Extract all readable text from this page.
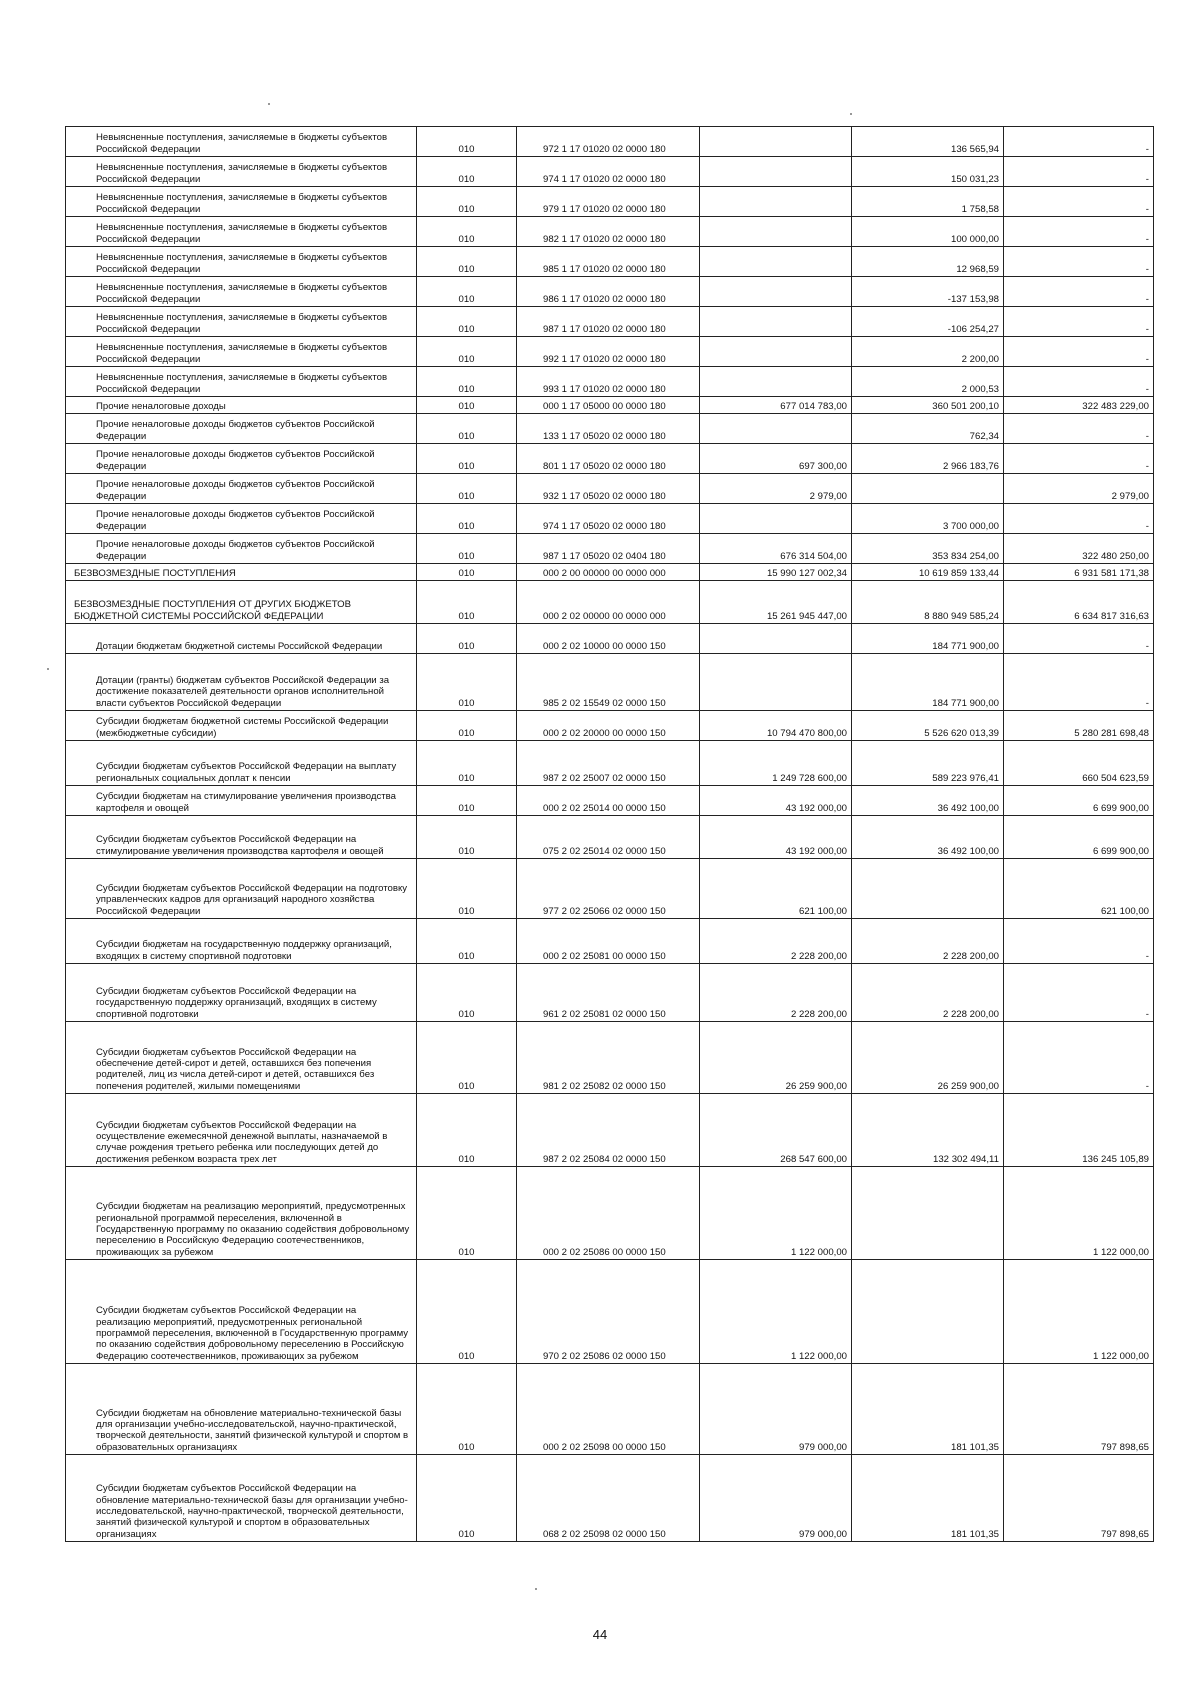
Невыясненные поступления, зачисляемые в бюджеты субъектов Российской Федерации	010	972 1 17 01020 02 0000 180		136 565,94	-
Невыясненные поступления, зачисляемые в бюджеты субъектов Российской Федерации	010	974 1 17 01020 02 0000 180		150 031,23	-
Невыясненные поступления, зачисляемые в бюджеты субъектов Российской Федерации	010	979 1 17 01020 02 0000 180		1 758,58	-
Невыясненные поступления, зачисляемые в бюджеты субъектов Российской Федерации	010	982 1 17 01020 02 0000 180		100 000,00	-
Невыясненные поступления, зачисляемые в бюджеты субъектов Российской Федерации	010	985 1 17 01020 02 0000 180		12 968,59	-
Невыясненные поступления, зачисляемые в бюджеты субъектов Российской Федерации	010	986 1 17 01020 02 0000 180		-137 153,98	-
Невыясненные поступления, зачисляемые в бюджеты субъектов Российской Федерации	010	987 1 17 01020 02 0000 180		-106 254,27	-
Невыясненные поступления, зачисляемые в бюджеты субъектов Российской Федерации	010	992 1 17 01020 02 0000 180		2 200,00	-
Невыясненные поступления, зачисляемые в бюджеты субъектов Российской Федерации	010	993 1 17 01020 02 0000 180		2 000,53	-
Прочие неналоговые доходы	010	000 1 17 05000 00 0000 180	677 014 783,00	360 501 200,10	322 483 229,00
Прочие неналоговые доходы бюджетов субъектов Российской Федерации	010	133 1 17 05020 02 0000 180		762,34	-
Прочие неналоговые доходы бюджетов субъектов Российской Федерации	010	801 1 17 05020 02 0000 180	697 300,00	2 966 183,76	-
Прочие неналоговые доходы бюджетов субъектов Российской Федерации	010	932 1 17 05020 02 0000 180	2 979,00		2 979,00
Прочие неналоговые доходы бюджетов субъектов Российской Федерации	010	974 1 17 05020 02 0000 180		3 700 000,00	-
Прочие неналоговые доходы бюджетов субъектов Российской Федерации	010	987 1 17 05020 02 0404 180	676 314 504,00	353 834 254,00	322 480 250,00
БЕЗВОЗМЕЗДНЫЕ ПОСТУПЛЕНИЯ	010	000 2 00 00000 00 0000 000	15 990 127 002,34	10 619 859 133,44	6 931 581 171,38
БЕЗВОЗМЕЗДНЫЕ ПОСТУПЛЕНИЯ ОТ ДРУГИХ БЮДЖЕТОВ БЮДЖЕТНОЙ СИСТЕМЫ РОССИЙСКОЙ ФЕДЕРАЦИИ	010	000 2 02 00000 00 0000 000	15 261 945 447,00	8 880 949 585,24	6 634 817 316,63
Дотации бюджетам бюджетной системы Российской Федерации	010	000 2 02 10000 00 0000 150		184 771 900,00	-
Дотации (гранты) бюджетам субъектов Российской Федерации за достижение показателей деятельности органов исполнительной власти субъектов Российской Федерации	010	985 2 02 15549 02 0000 150		184 771 900,00	-
Субсидии бюджетам бюджетной системы Российской Федерации (межбюджетные субсидии)	010	000 2 02 20000 00 0000 150	10 794 470 800,00	5 526 620 013,39	5 280 281 698,48
Субсидии бюджетам субъектов Российской Федерации на выплату региональных социальных доплат к пенсии	010	987 2 02 25007 02 0000 150	1 249 728 600,00	589 223 976,41	660 504 623,59
Субсидии бюджетам на стимулирование увеличения производства картофеля и овощей	010	000 2 02 25014 00 0000 150	43 192 000,00	36 492 100,00	6 699 900,00
Субсидии бюджетам субъектов Российской Федерации на стимулирование увеличения производства картофеля и овощей	010	075 2 02 25014 02 0000 150	43 192 000,00	36 492 100,00	6 699 900,00
Субсидии бюджетам субъектов Российской Федерации на подготовку управленческих кадров для организаций народного хозяйства Российской Федерации	010	977 2 02 25066 02 0000 150	621 100,00		621 100,00
Субсидии бюджетам на государственную поддержку организаций, входящих в систему спортивной подготовки	010	000 2 02 25081 00 0000 150	2 228 200,00	2 228 200,00	-
Субсидии бюджетам субъектов Российской Федерации на государственную поддержку организаций, входящих в систему спортивной подготовки	010	961 2 02 25081 02 0000 150	2 228 200,00	2 228 200,00	-
Субсидии бюджетам субъектов Российской Федерации на обеспечение детей-сирот и детей, оставшихся без попечения родителей, лиц из числа детей-сирот и детей, оставшихся без попечения родителей, жилыми помещениями	010	981 2 02 25082 02 0000 150	26 259 900,00	26 259 900,00	-
Субсидии бюджетам субъектов Российской Федерации на осуществление ежемесячной денежной выплаты, назначаемой в случае рождения третьего ребенка или последующих детей до достижения ребенком возраста трех лет	010	987 2 02 25084 02 0000 150	268 547 600,00	132 302 494,11	136 245 105,89
Субсидии бюджетам на реализацию мероприятий, предусмотренных региональной программой переселения, включенной в Государственную программу по оказанию содействия добровольному переселению в Российскую Федерацию соотечественников, проживающих за рубежом	010	000 2 02 25086 00 0000 150	1 122 000,00		1 122 000,00
Субсидии бюджетам субъектов Российской Федерации на реализацию мероприятий, предусмотренных региональной программой переселения, включенной в Государственную программу по оказанию содействия добровольному переселению в Российскую Федерацию соотечественников, проживающих за рубежом	010	970 2 02 25086 02 0000 150	1 122 000,00		1 122 000,00
Субсидии бюджетам на обновление материально-технической базы для организации учебно-исследовательской, научно-практической, творческой деятельности, занятий физической культурой и спортом в образовательных организациях	010	000 2 02 25098 00 0000 150	979 000,00	181 101,35	797 898,65
Субсидии бюджетам субъектов Российской Федерации на обновление материально-технической базы для организации учебно-исследовательской, научно-практической, творческой деятельности, занятий физической культурой и спортом в образовательных организациях	010	068 2 02 25098 02 0000 150	979 000,00	181 101,35	797 898,65
44
